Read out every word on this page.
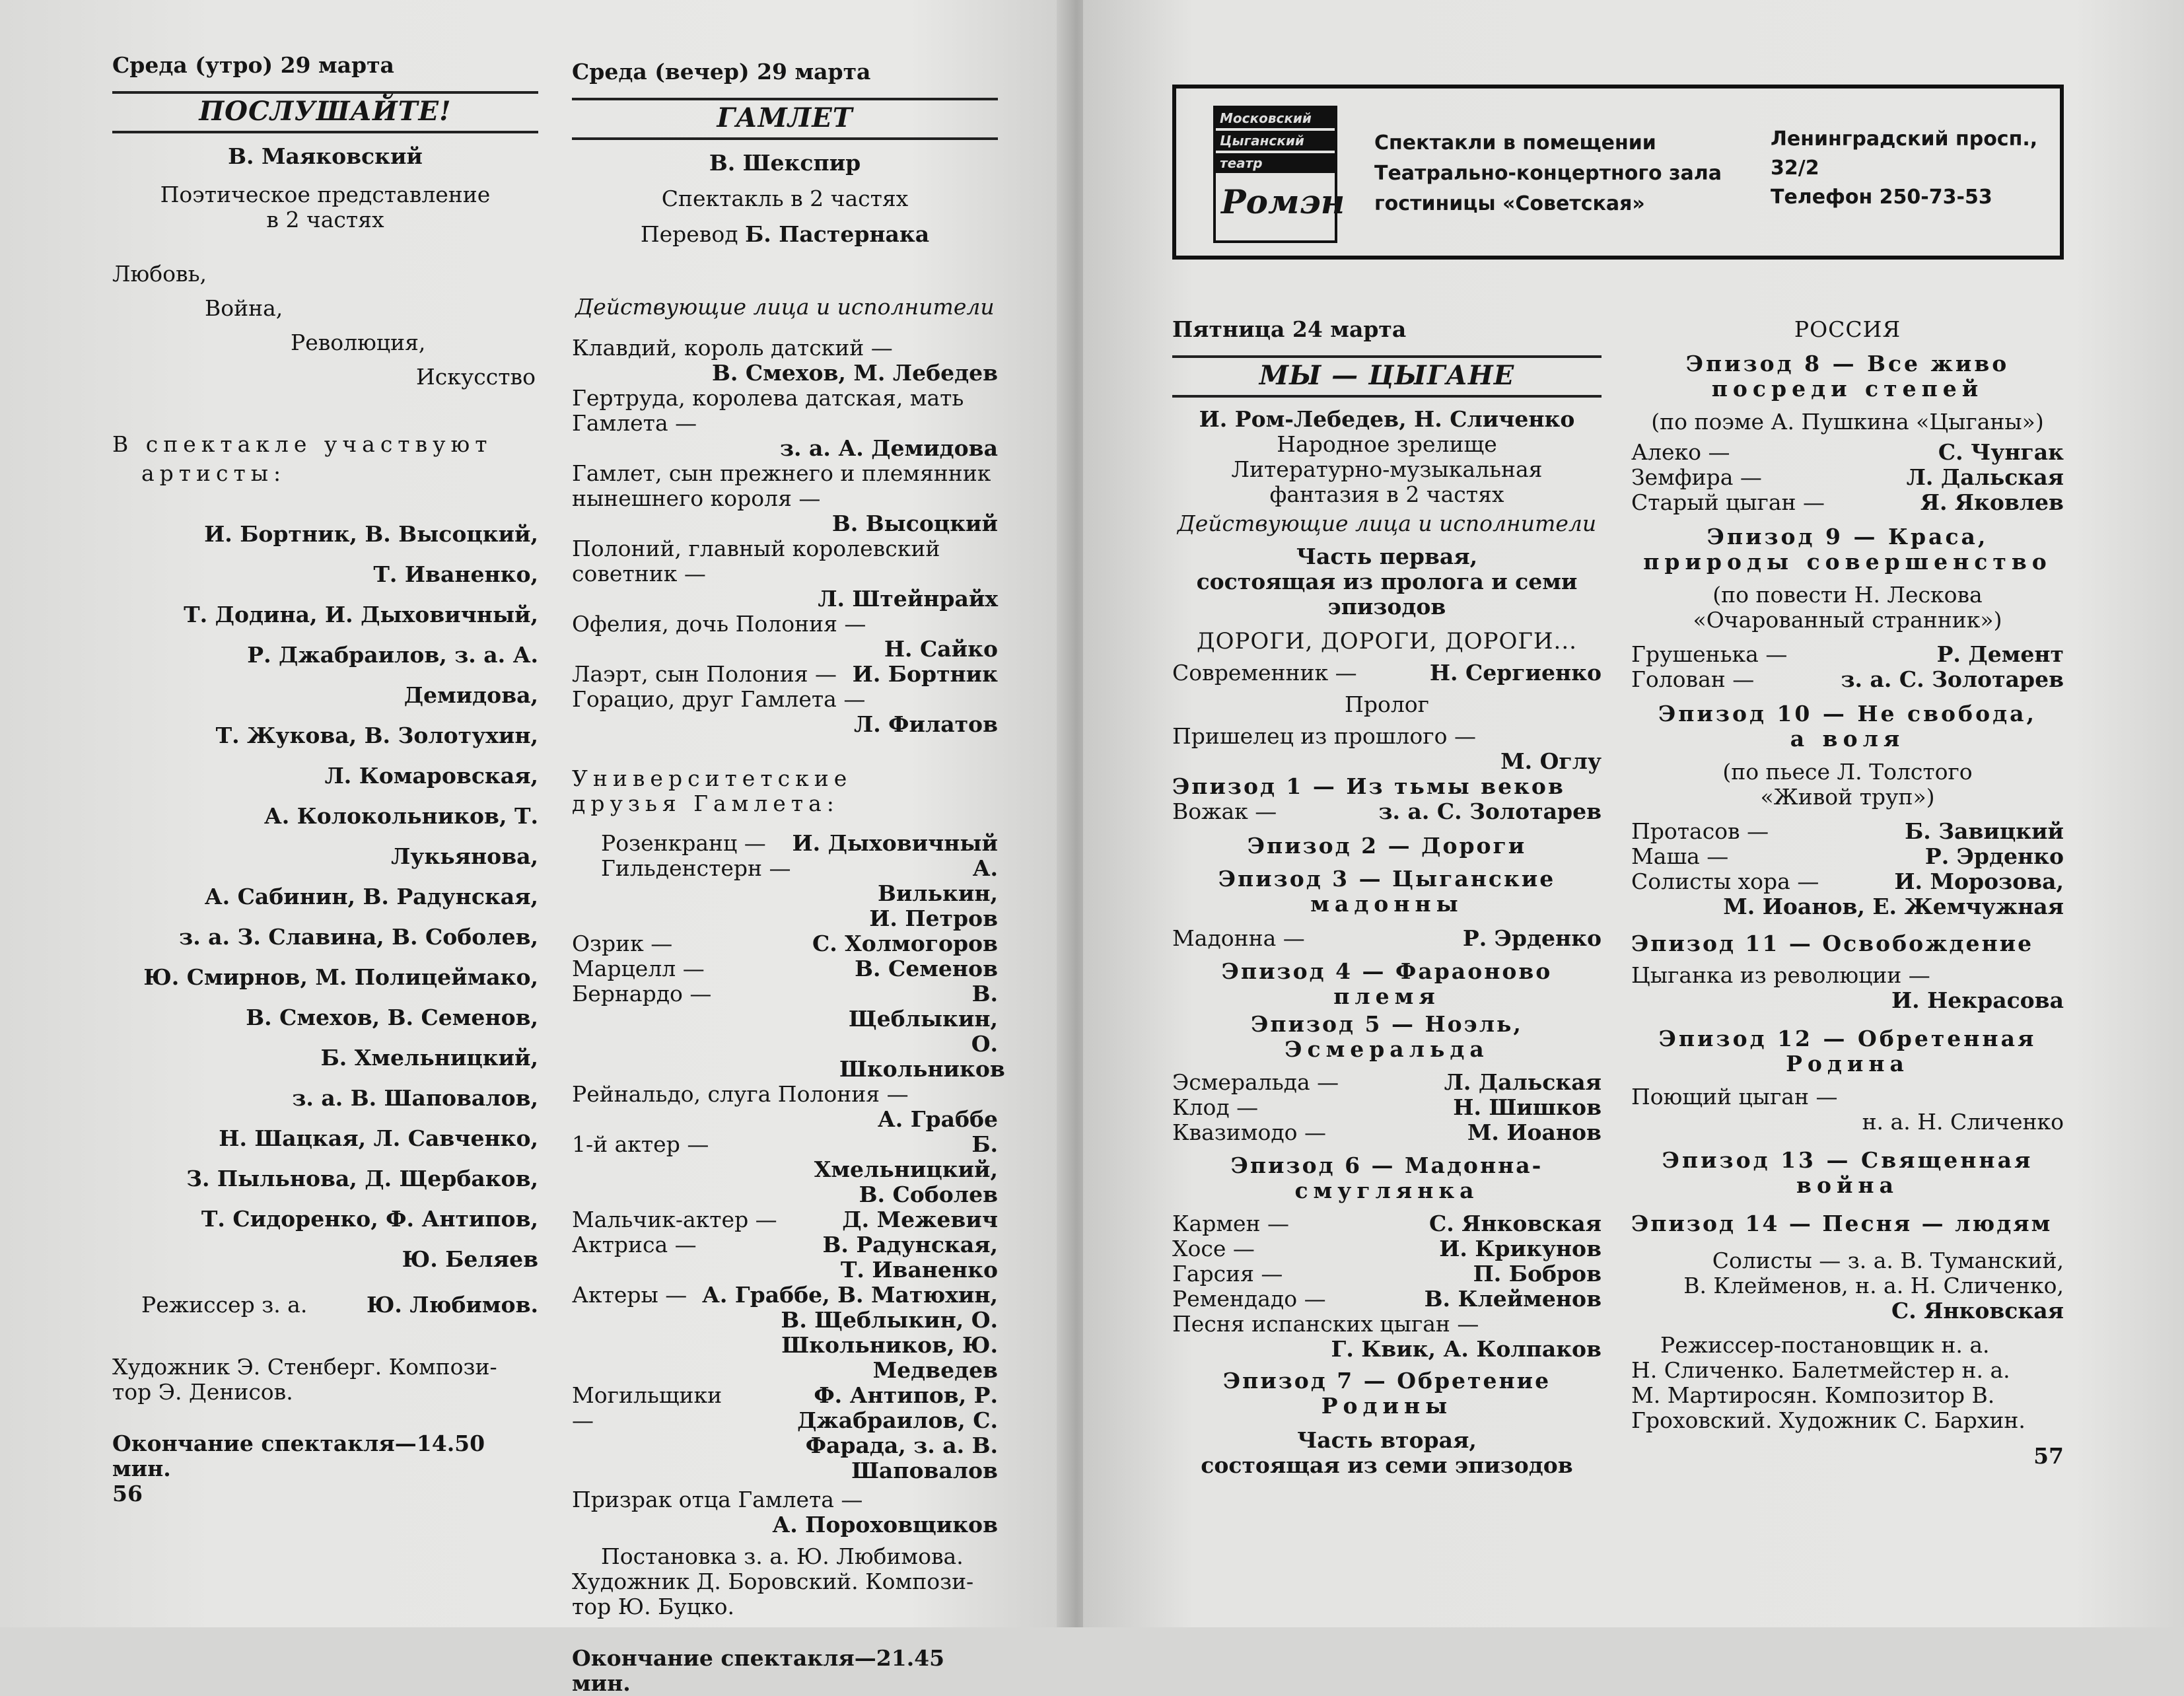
Среда (утро) 29 марта

ПОСЛУШАЙТЕ!

В. Маяковский

Поэтическое представление

в 2 частях

Любовь,

Война,

Революция,

Искусство

В спектакле участвуют

артисты:

И. Бортник, В. Высоцкий,

Т. Иваненко,

Т. Додина, И. Дыховичный,

Р. Джабраилов, з. а. А. Демидова,

Т. Жукова, В. Золотухин,

Л. Комаровская,

А. Колокольников, Т. Лукьянова,

А. Сабинин, В. Радунская,

з. а. З. Славина, В. Соболев,

Ю. Смирнов, М. Полицеймако,

В. Смехов, В. Семенов,

Б. Хмельницкий,

з. а. В. Шаповалов,

Н. Шацкая, Л. Савченко,

З. Пыльнова, Д. Щербаков,

Т. Сидоренко, Ф. Антипов,

Ю. Беляев

Режиссер з. а.	Ю. Любимов.

Художник Э. Стенберг. Компози-

тор Э. Денисов.

Окончание спектакля—14.50 мин.

56

Среда (вечер) 29 марта

ГАМЛЕТ

В. Шекспир

Спектакль в 2 частях

Перевод Б. Пастернака

Действующие лица и исполнители

Клавдий, король датский —

В. Смехов, М. Лебедев

Гертруда, королева датская, мать Гамлета —

з. а. А. Демидова

Гамлет, сын прежнего и племянник нынешнего короля —

В. Высоцкий

Полоний, главный королевский советник —

Л. Штейнрайх

Офелия, дочь Полония —

Н. Сайко

Лаэрт, сын Полония — И. Бортник

Горацио, друг Гамлета —

Л. Филатов

Университетские

друзья Гамлета:

Розенкранц — И. Дыховичный

Гильденстерн —	А. Вилькин, И. Петров

Озрик —	С. Холмогоров

Марцелл —	В. Семенов

Бернардо —	В. Щеблыкин, О. Школьников

Рейнальдо, слуга Полония —

А. Граббе

1-й актер —	Б. Хмельницкий, В. Соболев

Мальчик-актер —	Д. Межевич

Актриса —	В. Радунская, Т. Иваненко

Актеры — А. Граббе, В. Матюхин, В. Щеблыкин, О. Школьников, Ю. Медведев

Могильщики —
Ф. Антипов, Р. Джабраилов, С. Фарада, з. а. В. Шаповалов

Призрак отца Гамлета —

А. Пороховщиков

Постановка з. а. Ю. Любимова.

Художник Д. Боровский. Компози-

тор Ю. Буцко.

Окончание спектакля—21.45 мин.

Московский
Цыганский
театр
Ромэн

Спектакли в помещении

Театрально-концертного зала

гостиницы «Советская»

Ленинградский просп.,

32/2

Телефон 250-73-53

Пятница 24 марта

МЫ — ЦЫГАНЕ

И. Ром-Лебедев, Н. Сличенко

Народное зрелище

Литературно-музыкальная

фантазия в 2 частях

Действующие лица и исполнители

Часть первая,

состоящая из пролога и семи

эпизодов

ДОРОГИ, ДОРОГИ, ДОРОГИ...

Современник —	Н. Сергиенко

Пролог

Пришелец из прошлого —

М. Оглу

Эпизод 1 — Из тьмы веков

Вожак —	з. а. С. Золотарев

Эпизод 2 — Дороги

Эпизод 3 — Цыганские

мадонны

Мадонна —	Р. Эрденко

Эпизод 4 — Фараоново

племя

Эпизод 5 — Ноэль,

Эсмеральда

Эсмеральда —	Л. Дальская

Клод —	Н. Шишков

Квазимодо —	М. Иоанов

Эпизод 6 — Мадонна-

смуглянка

Кармен —	С. Янковская

Хосе —	И. Крикунов

Гарсия —	П. Бобров

Ремендадо —	В. Клейменов

Песня испанских цыган —

Г. Квик, А. Колпаков

Эпизод 7 — Обретение

Родины

Часть вторая,

состоящая из семи эпизодов

РОССИЯ

Эпизод 8 — Все живо

посреди степей

(по поэме А. Пушкина «Цыганы»)

Алеко —	С. Чунгак

Земфира —	Л. Дальская

Старый цыган —	Я. Яковлев

Эпизод 9 — Краса,

природы совершенство

(по повести Н. Лескова

«Очарованный странник»)

Грушенька —	Р. Демент

Голован —	з. а. С. Золотарев

Эпизод 10 — Не свобода,

а воля

(по пьесе Л. Толстого

«Живой труп»)

Протасов —	Б. Завицкий

Маша —	Р. Эрденко

Солисты хора —	И. Морозова,

М. Иоанов, Е. Жемчужная

Эпизод 11 — Освобождение

Цыганка из революции —

И. Некрасова

Эпизод 12 — Обретенная

Родина

Поющий цыган —

н. а. Н. Сличенко

Эпизод 13 — Священная

война

Эпизод 14 — Песня — людям

Солисты — з. а. В. Туманский,

В. Клейменов, н. а. Н. Сличенко,

С. Янковская

Режиссер-постановщик н. а.

Н. Сличенко. Балетмейстер н. а.

М. Мартиросян. Композитор В.

Гроховский. Художник С. Бархин.

57
